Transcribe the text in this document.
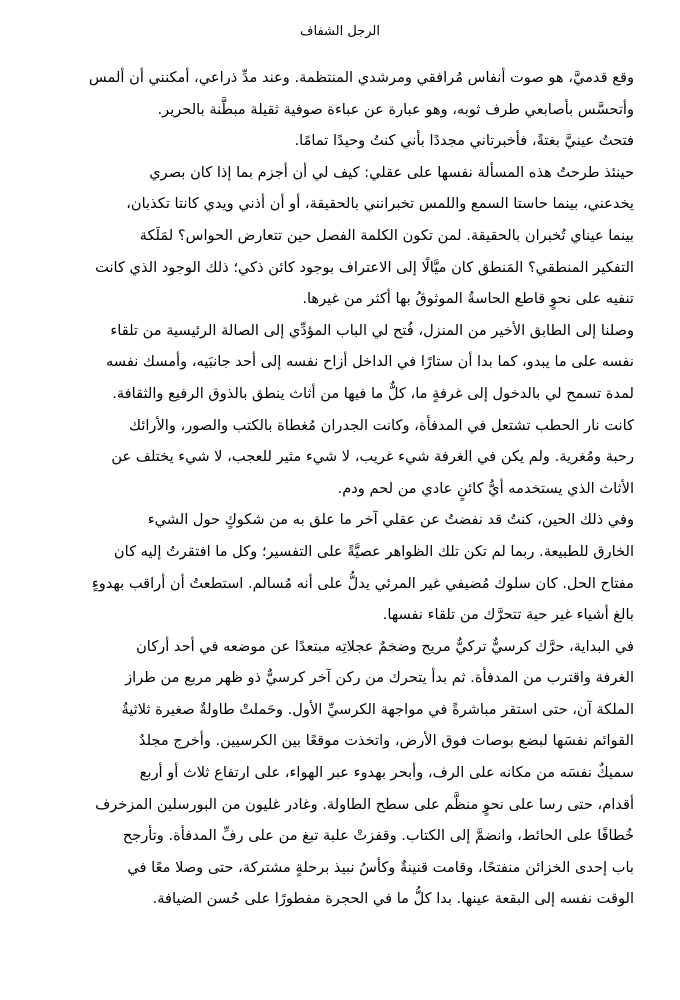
الرجل الشفاف
وقع قدميَّ، هو صوت أنفاس مُرافقي ومرشدي المنتظمة. وعند مدِّ ذراعي، أمكنني أن ألمس
وأتحسَّس بأصابعي طرف ثوبه، وهو عبارة عن عباءة صوفية ثقيلة مبطَّنة بالحرير.
فتحتُ عينيَّ بغتةً، فأخبرتاني مجددًا بأني كنتُ وحيدًا تمامًا.
حينئذ طرحتُ هذه المسألة نفسها على عقلي: كيف لي أن أجزم بما إذا كان بصري
يخدعني، بينما حاستا السمع واللمس تخبرانني بالحقيقة، أو أن أذني ويدي كانتا تكذبان،
بينما عيناي تُخبران بالحقيقة. لمن تكون الكلمة الفصل حين تتعارض الحواس؟ لمَلَكة
التفكير المنطقي؟ المَنطق كان ميَّالًا إلى الاعتراف بوجود كائن ذكي؛ ذلك الوجود الذي كانت
تنفيه على نحوٍ قاطع الحاسةُ الموثوقُ بها أكثر من غيرها.
وصلنا إلى الطابق الأخير من المنزل، فُتح لي الباب المؤدِّي إلى الصالة الرئيسية من تلقاء
نفسه على ما يبدو، كما بدا أن ستارًا في الداخل أزاح نفسه إلى أحد جانبَيه، وأمسك نفسه
لمدة تسمح لي بالدخول إلى غرفةٍ ما، كلٌّ ما فيها من أثاث ينطق بالذوق الرفيع والثقافة.
كانت نار الحطب تشتعل في المدفأة، وكانت الجدران مُغطاة بالكتب والصور، والأرائك
رحبة ومُغرية. ولم يكن في الغرفة شيء غريب، لا شيء مثير للعجب، لا شيء يختلف عن
الأثاث الذي يستخدمه أيُّ كائنٍ عادي من لحم ودم.
وفي ذلك الحين، كنتُ قد نفضتُ عن عقلي آخر ما علق به من شكوكٍ حول الشيء
الخارق للطبيعة. ربما لم تكن تلك الظواهر عصيَّةً على التفسير؛ وكل ما افتقرتُ إليه كان
مفتاح الحل. كان سلوك مُضيفي غير المرئي يدلُّ على أنه مُسالم. استطعتُ أن أراقب بهدوءٍ
بالغ أشياء غير حية تتحرَّك من تلقاء نفسها.
في البداية، حرَّك كرسيٌّ تركيٌّ مريح وضخمٌ عجلاتِه مبتعدًا عن موضعه في أحد أركان
الغرفة واقترب من المدفأة. ثم بدأ يتحرك من ركن آخر كرسيٌّ ذو ظهر مربع من طراز
الملكة آن، حتى استقر مباشرةً في مواجهة الكرسيِّ الأول. وحَملتْ طاولةٌ صغيرة ثلاثيةُ
القوائم نفسَها لبضع بوصات فوق الأرض، واتخذت موقعًا بين الكرسيين. وأخرج مجلدٌ
سميكٌ نفسَه من مكانه على الرف، وأبحر بهدوء عبر الهواء، على ارتفاع ثلاث أو أربع
أقدام، حتى رسا على نحوٍ منظَّم على سطح الطاولة. وغادر غليون من البورسلين المزخرف
خُطافًا على الحائط، وانضمَّ إلى الكتاب. وقفزتْ علبة تبغ من على رفِّ المدفأة. وتأرجح
باب إحدى الخزائن منفتحًا، وقامت قنينةٌ وكأسُ نبيذ برحلةٍ مشتركة، حتى وصلا معًا في
الوقت نفسه إلى البقعة عينها. بدا كلُّ ما في الحجرة مفطورًا على حُسن الضيافة.
